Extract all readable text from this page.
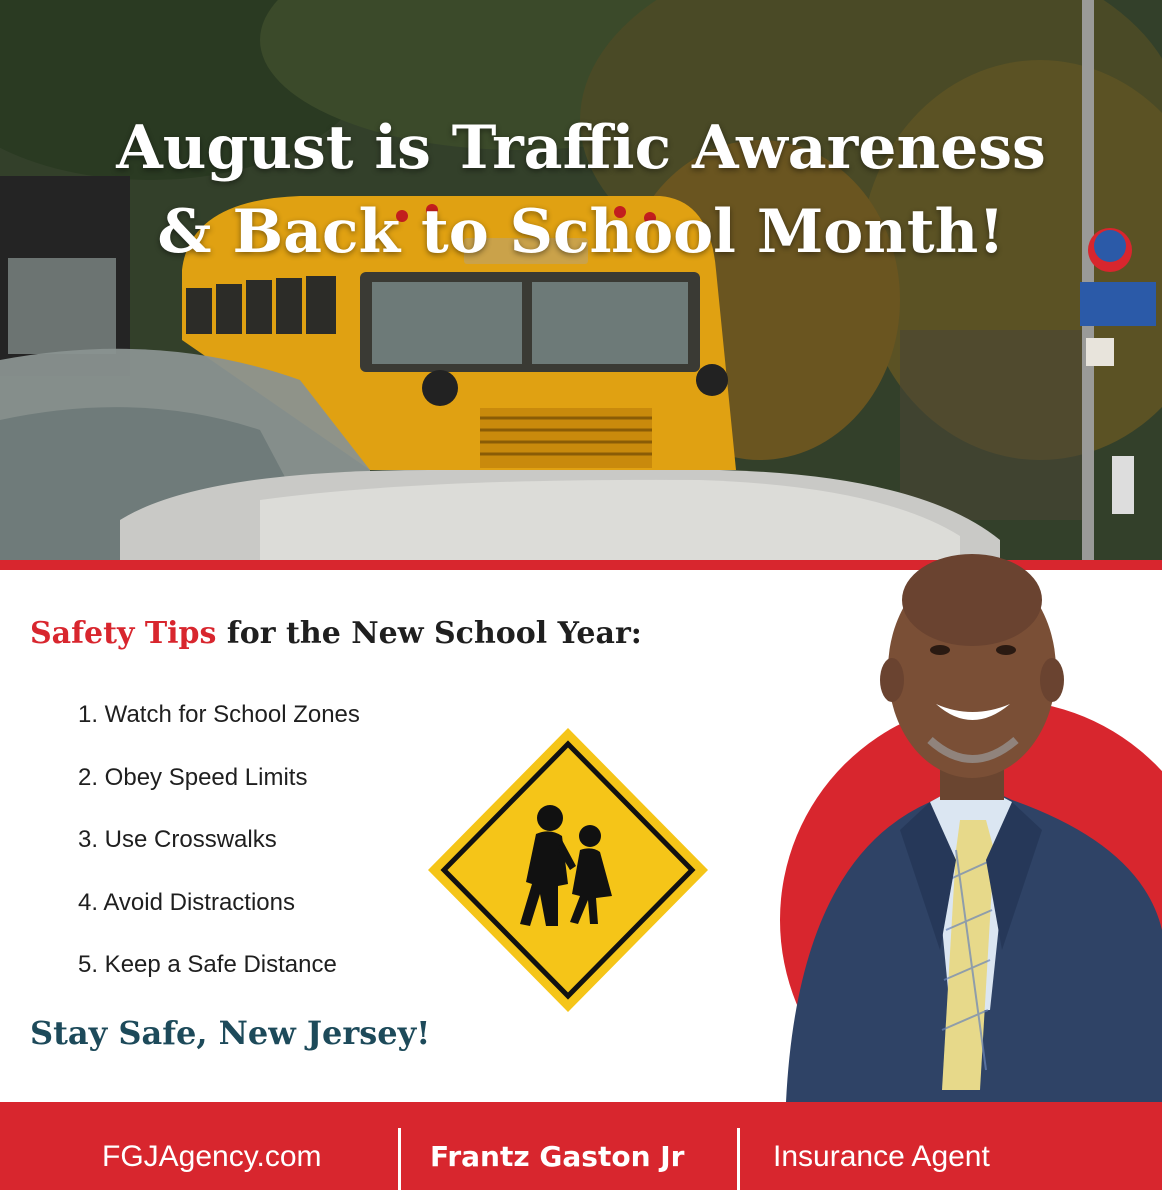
August is Traffic Awareness
& Back to School Month!
Safety Tips for the New School Year:
1. Watch for School Zones
2. Obey Speed Limits
3. Use Crosswalks
4. Avoid Distractions
5. Keep a Safe Distance
Stay Safe, New Jersey!
FGJAgency.com	Frantz Gaston Jr	Insurance Agent
